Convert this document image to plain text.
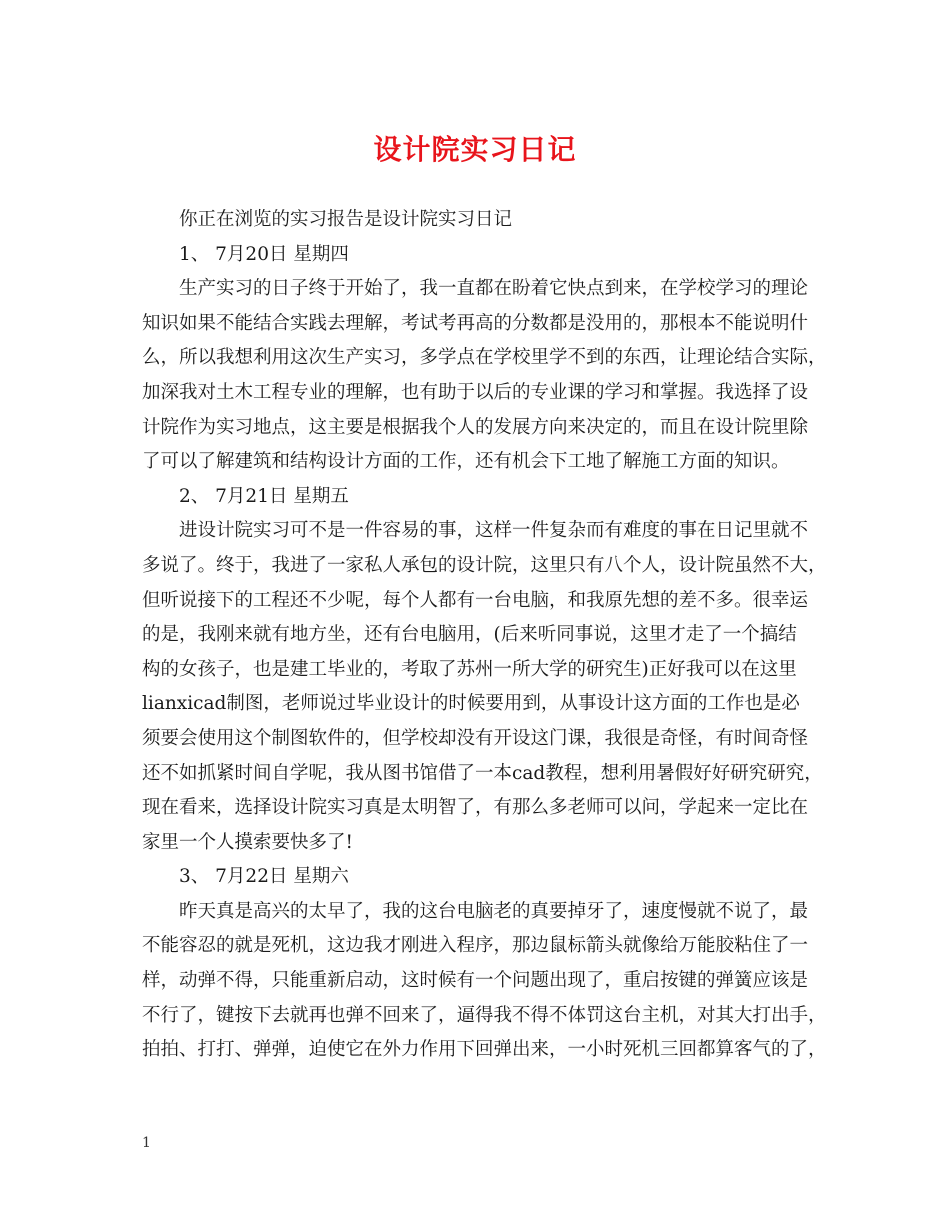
设计院实习日记
你正在浏览的实习报告是设计院实习日记
1、 7月20日 星期四
生产实习的日子终于开始了，我一直都在盼着它快点到来，在学校学习的理论
知识如果不能结合实践去理解，考试考再高的分数都是没用的，那根本不能说明什
么，所以我想利用这次生产实习，多学点在学校里学不到的东西，让理论结合实际，
加深我对土木工程专业的理解，也有助于以后的专业课的学习和掌握。我选择了设
计院作为实习地点，这主要是根据我个人的发展方向来决定的，而且在设计院里除
了可以了解建筑和结构设计方面的工作，还有机会下工地了解施工方面的知识。
2、 7月21日 星期五
进设计院实习可不是一件容易的事，这样一件复杂而有难度的事在日记里就不
多说了。终于，我进了一家私人承包的设计院，这里只有八个人，设计院虽然不大，
但听说接下的工程还不少呢，每个人都有一台电脑，和我原先想的差不多。很幸运
的是，我刚来就有地方坐，还有台电脑用，(后来听同事说，这里才走了一个搞结
构的女孩子，也是建工毕业的，考取了苏州一所大学的研究生)正好我可以在这里
lianxicad制图，老师说过毕业设计的时候要用到，从事设计这方面的工作也是必
须要会使用这个制图软件的，但学校却没有开设这门课，我很是奇怪，有时间奇怪
还不如抓紧时间自学呢，我从图书馆借了一本cad教程，想利用暑假好好研究研究，
现在看来，选择设计院实习真是太明智了，有那么多老师可以问，学起来一定比在
家里一个人摸索要快多了!
3、 7月22日 星期六
昨天真是高兴的太早了，我的这台电脑老的真要掉牙了，速度慢就不说了，最
不能容忍的就是死机，这边我才刚进入程序，那边鼠标箭头就像给万能胶粘住了一
样，动弹不得，只能重新启动，这时候有一个问题出现了，重启按键的弹簧应该是
不行了，键按下去就再也弹不回来了，逼得我不得不体罚这台主机，对其大打出手，
拍拍、打打、弹弹，迫使它在外力作用下回弹出来，一小时死机三回都算客气的了，
1
